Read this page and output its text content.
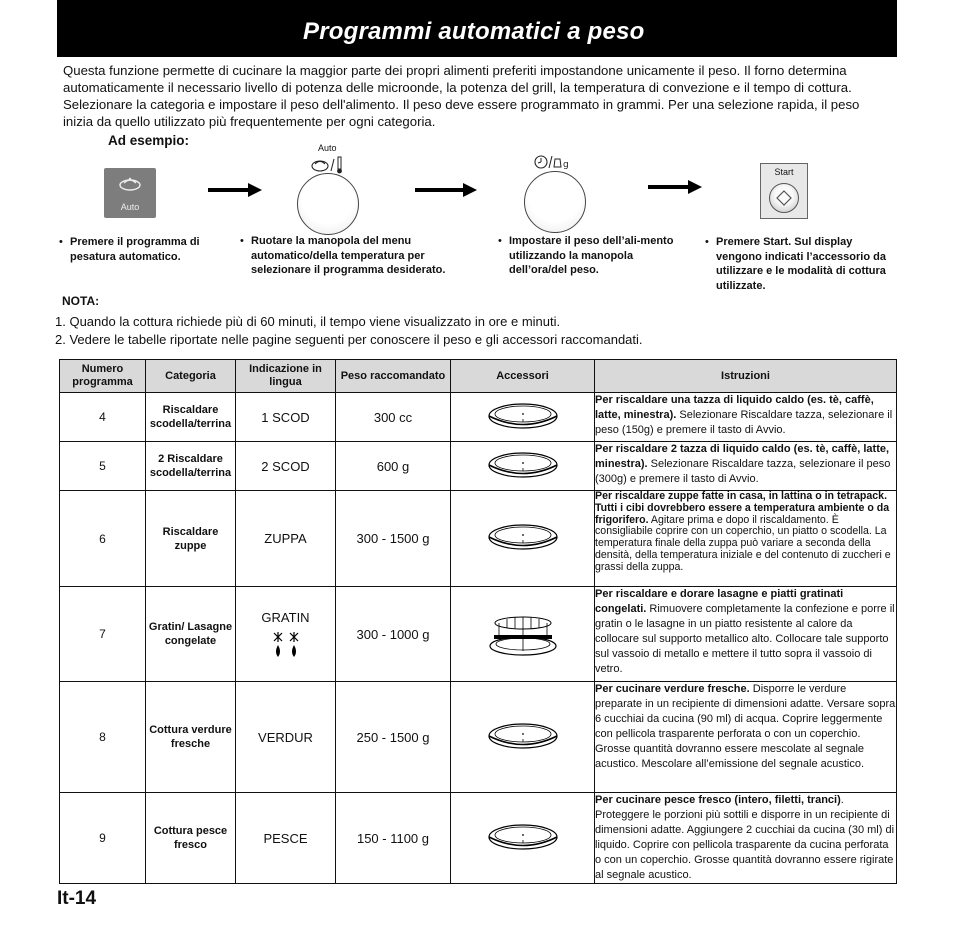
Programmi automatici a peso
Questa funzione permette di cucinare la maggior parte dei propri alimenti preferiti impostandone unicamente il peso. Il forno determina automaticamente il necessario livello di potenza delle microonde, la potenza del grill, la temperatura di convezione e il tempo di cottura. Selezionare la categoria e impostare il peso dell'alimento. Il peso deve essere programmato in grammi. Per una selezione rapida, il peso inizia da quello utilizzato più frequentemente per ogni categoria.
Ad esempio:
Auto
Auto
g
Start
• Premere il programma di pesatura automatico.
• Ruotare la manopola del menu automatico/della temperatura per selezionare il programma desiderato.
• Impostare il peso dell’ali-mento utilizzando la manopola dell’ora/del peso.
• Premere Start. Sul display vengono indicati l’accessorio da utilizzare e le modalità di cottura utilizzate.
NOTA:
1. Quando la cottura richiede più di 60 minuti, il tempo viene visualizzato in ore e minuti.
2. Vedere le tabelle riportate nelle pagine seguenti per conoscere il peso e gli accessori raccomandati.
Numero programma	Categoria	Indicazione in lingua	Peso raccomandato	Accessori	Istruzioni
4	Riscaldare scodella/terrina	1 SCOD	300 cc		Per riscaldare una tazza di liquido caldo (es. tè, caffè, latte, minestra). Selezionare Riscaldare tazza, selezionare il peso (150g) e premere il tasto di Avvio.
5	2 Riscaldare scodella/terrina	2 SCOD	600 g		Per riscaldare 2 tazza di liquido caldo (es. tè, caffè, latte, minestra). Selezionare Riscaldare tazza, selezionare il peso (300g) e premere il tasto di Avvio.
6	Riscaldare zuppe	ZUPPA	300 - 1500 g		Per riscaldare zuppe fatte in casa, in lattina o in tetrapack. Tutti i cibi dovrebbero essere a temperatura ambiente o da frigorifero. Agitare prima e dopo il riscaldamento. È consigliabile coprire con un coperchio, un piatto o scodella. La temperatura finale della zuppa può variare a seconda della densità, della temperatura iniziale e del contenuto di zuccheri e grassi della zuppa.
7	Gratin/ Lasagne congelate	GRATIN	300 - 1000 g		Per riscaldare e dorare lasagne e piatti gratinati congelati. Rimuovere completamente la confezione e porre il gratin o le lasagne in un piatto resistente al calore da collocare sul supporto metallico alto. Collocare tale supporto sul vassoio di metallo e mettere il tutto sopra il vassoio di vetro.
8	Cottura verdure fresche	VERDUR	250 - 1500 g		Per cucinare verdure fresche. Disporre le verdure preparate in un recipiente di dimensioni adatte. Versare sopra 6 cucchiai da cucina (90 ml) di acqua. Coprire leggermente con pellicola trasparente perforata o con un coperchio. Grosse quantità dovranno essere mescolate al segnale acustico. Mescolare all’emissione del segnale acustico.
9	Cottura pesce fresco	PESCE	150 - 1100 g		Per cucinare pesce fresco (intero, filetti, tranci). Proteggere le porzioni più sottili e disporre in un recipiente di dimensioni adatte. Aggiungere 2 cucchiai da cucina (30 ml) di liquido. Coprire con pellicola trasparente da cucina perforata o con un coperchio. Grosse quantità dovranno essere rigirate al segnale acustico.
It-14
